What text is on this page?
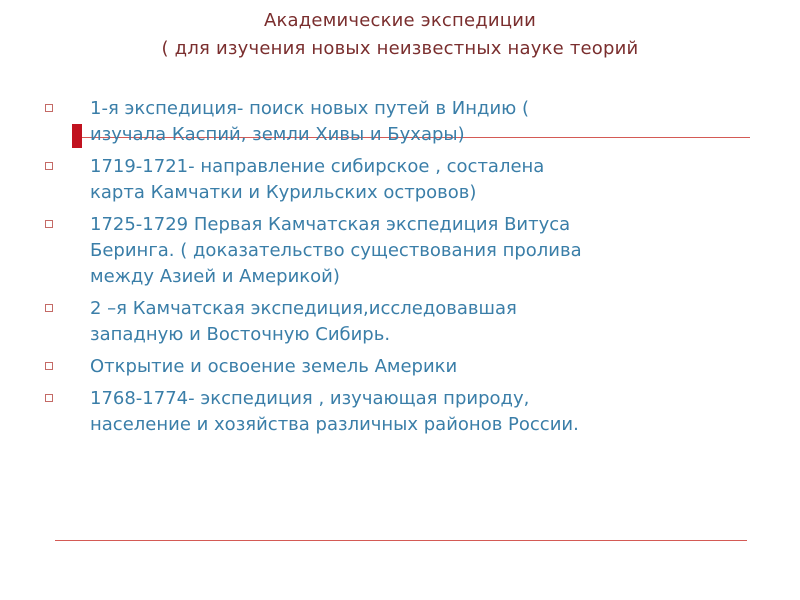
Академические экспедиции
( для изучения новых неизвестных науке теорий
1-я экспедиция- поиск новых путей в Индию (
изучала Каспий, земли Хивы и Бухары)
1719-1721- направление сибирское , состалена
карта Камчатки и Курильских островов)
1725-1729 Первая Камчатская экспедиция Витуса
Беринга. ( доказательство существования пролива
между Азией и Америкой)
2 –я Камчатская экспедиция,исследовавшая
западную и Восточную Сибирь.
Открытие и освоение земель Америки
1768-1774- экспедиция , изучающая природу,
население и хозяйства различных районов России.
